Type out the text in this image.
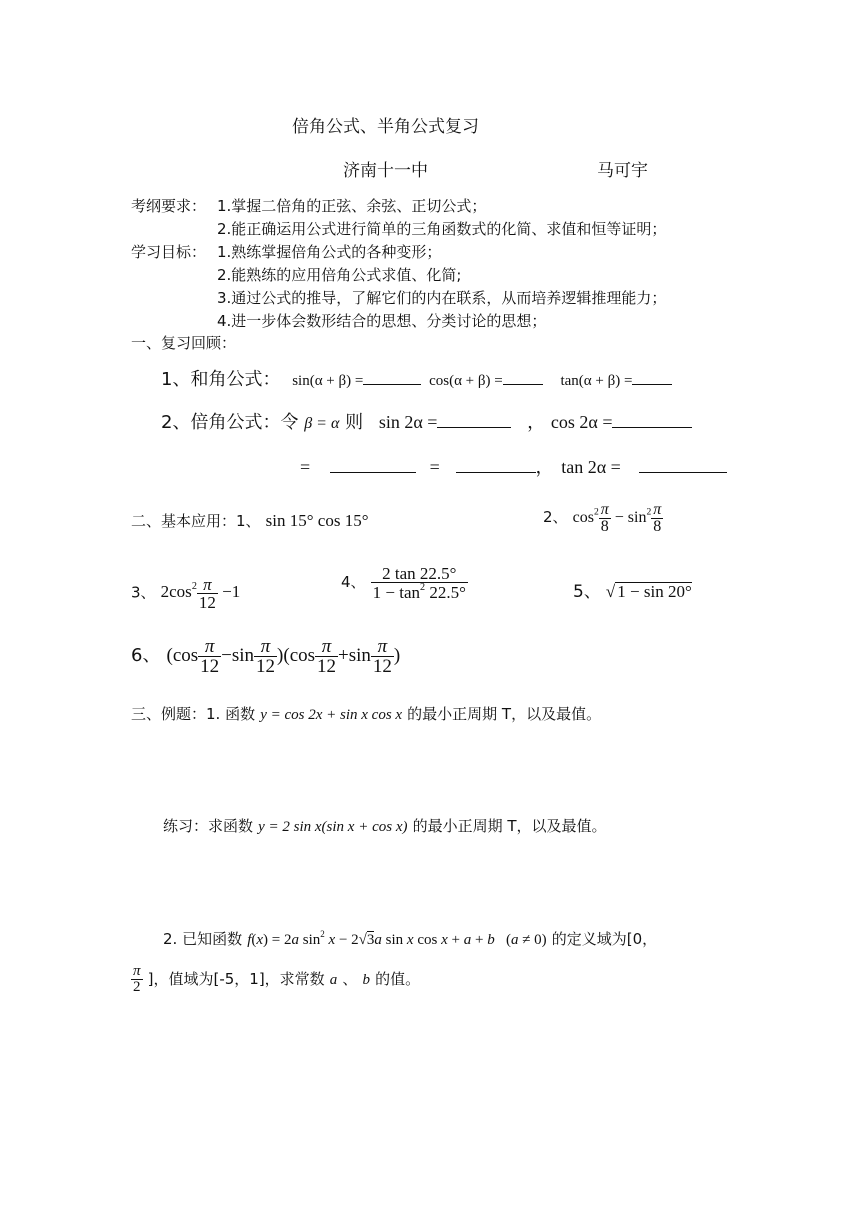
倍角公式、半角公式复习
济南十一中	马可宇
考纲要求： 1.掌握二倍角的正弦、余弦、正切公式；
2.能正确运用公式进行简单的三角函数式的化简、求值和恒等证明；
学习目标： 1.熟练掌握倍角公式的各种变形；
2.能熟练的应用倍角公式求值、化简;
3.通过公式的推导，了解它们的内在联系，从而培养逻辑推理能力；
4.进一步体会数形结合的思想、分类讨论的思想；
一、复习回顾：
1、和角公式： sin(α + β) =	cos(α + β) =	tan(α + β) =
2、倍角公式：令 β = α 则 sin 2α =	， cos 2α =
=	=	， tan 2α =
二、基本应用：1、 sin 15° cos 15°	2、 $\cos^2 \frac{\pi}{8} - \sin^2 \frac{\pi}{8}$
3、 $2\cos^2 \frac{\pi}{12} -1$
4、 $\frac{2 \tan 22.5^\circ}{1 - \tan^2 22.5^\circ}$	5、 √ 1 − sin 20°
6、 $(\cos \frac{\pi}{12} -\sin \frac{\pi}{12} )(\cos \frac{\pi}{12} +\sin \frac{\pi}{12}$ )
三、例题：1. 函数 y = cos 2x + sin x cos x 的最小正周期 T，以及最值。
练习：求函数 y = 2 sin x(sin x + cos x) 的最小正周期 T，以及最值。
2. 已知函数 f(x) = 2a $\sin^2 x - 2√3a$ sin x cos x + a + b   (a ≠ 0) 的定义域为[0，
$\frac{\pi}{2}$ ]，值域为[-5，1]，求常数 a 、 b 的值。
